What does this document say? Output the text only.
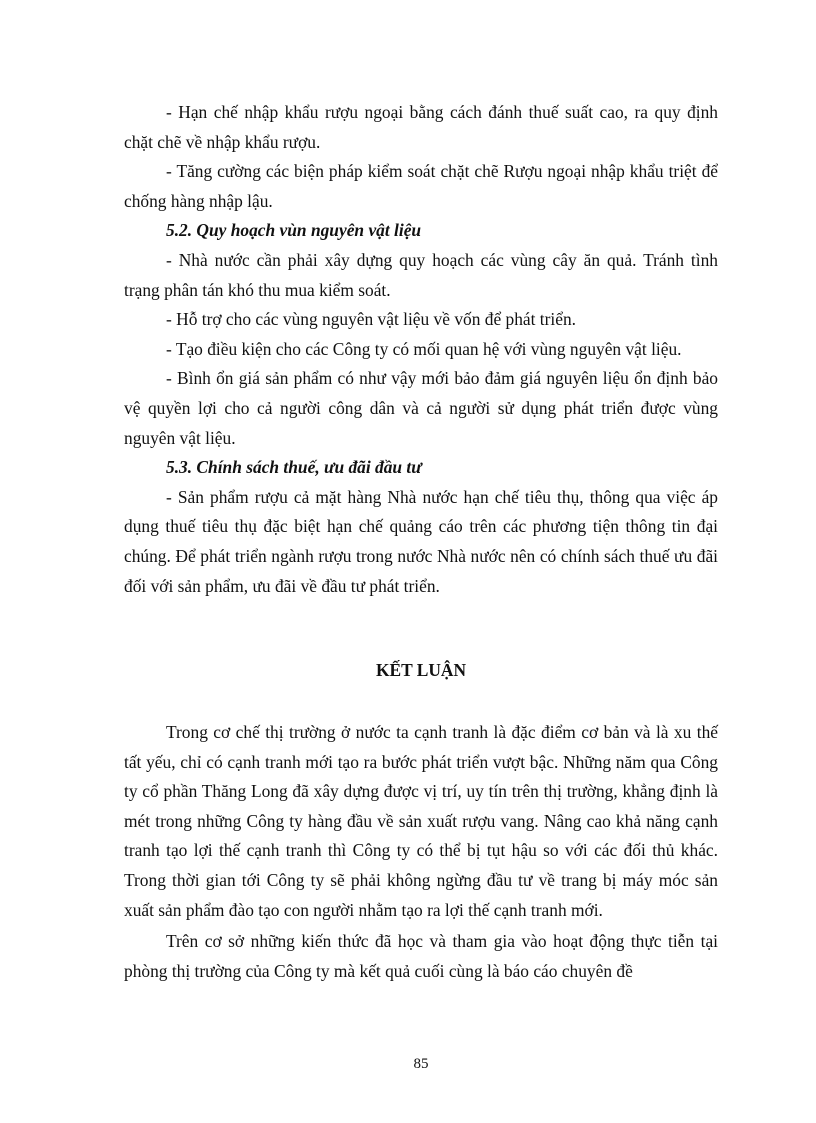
- Hạn chế nhập khẩu rượu ngoại bằng cách đánh thuế suất cao, ra quy định chặt chẽ về nhập khẩu rượu.

- Tăng cường các biện pháp kiểm soát chặt chẽ Rượu ngoại nhập khẩu triệt để chống hàng nhập lậu.

5.2. Quy hoạch vùn nguyên vật liệu

- Nhà nước cần phải xây dựng quy hoạch các vùng cây ăn quả. Tránh tình trạng phân tán khó thu mua kiểm soát.

- Hỗ trợ cho các vùng nguyên vật liệu về vốn để phát triển.

- Tạo điều kiện cho các Công ty có mối quan hệ với vùng nguyên vật liệu.

- Bình ổn giá sản phẩm có như vậy mới bảo đảm giá nguyên liệu ổn định bảo vệ quyền lợi cho cả người công dân và cả người sử dụng phát triển được vùng nguyên vật liệu.

5.3. Chính sách thuế, ưu đãi đầu tư

- Sản phẩm rượu cả mặt hàng Nhà nước hạn chế tiêu thụ, thông qua việc áp dụng thuế tiêu thụ đặc biệt hạn chế quảng cáo trên các phương tiện thông tin đại chúng. Để phát triển ngành rượu trong nước Nhà nước nên có chính sách thuế ưu đãi đối với sản phẩm, ưu đãi về đầu tư phát triển.

KẾT LUẬN

Trong cơ chế thị trường ở nước ta cạnh tranh là đặc điểm cơ bản và là xu thế tất yếu, chỉ có cạnh tranh mới tạo ra bước phát triển vượt bậc. Những năm qua Công ty cổ phần Thăng Long đã xây dựng được vị trí, uy tín trên thị trường, khẳng định là mét trong những Công ty hàng đầu về sản xuất rượu vang. Nâng cao khả năng cạnh tranh tạo lợi thế cạnh tranh thì Công ty có thể bị tụt hậu so với các đối thủ khác. Trong thời gian tới Công ty sẽ phải không ngừng đầu tư về trang bị máy móc sản xuất sản phẩm đào tạo con người nhằm tạo ra lợi thế cạnh tranh mới.

Trên cơ sở những kiến thức đã học và tham gia vào hoạt động thực tiễn tại phòng thị trường của Công ty mà kết quả cuối cùng là báo cáo chuyên đề

85
